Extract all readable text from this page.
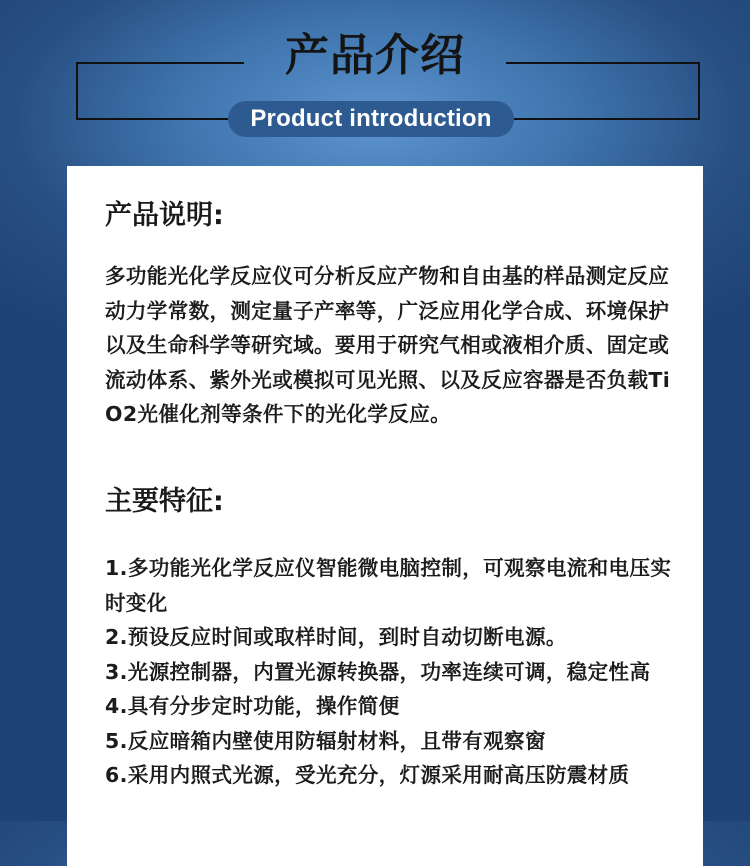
产品介绍
Product introduction
产品说明:
多功能光化学反应仪可分析反应产物和自由基的样品测定反应动力学常数，测定量子产率等，广泛应用化学合成、环境保护以及生命科学等研究域。要用于研究气相或液相介质、固定或流动体系、紫外光或模拟可见光照、以及反应容器是否负载TiO2光催化剂等条件下的光化学反应。
主要特征:
1.多功能光化学反应仪智能微电脑控制，可观察电流和电压实时变化
2.预设反应时间或取样时间，到时自动切断电源。
3.光源控制器，内置光源转换器，功率连续可调，稳定性高
4.具有分步定时功能，操作简便
5.反应暗箱内壁使用防辐射材料，且带有观察窗
6.采用内照式光源，受光充分，灯源采用耐高压防震材质
